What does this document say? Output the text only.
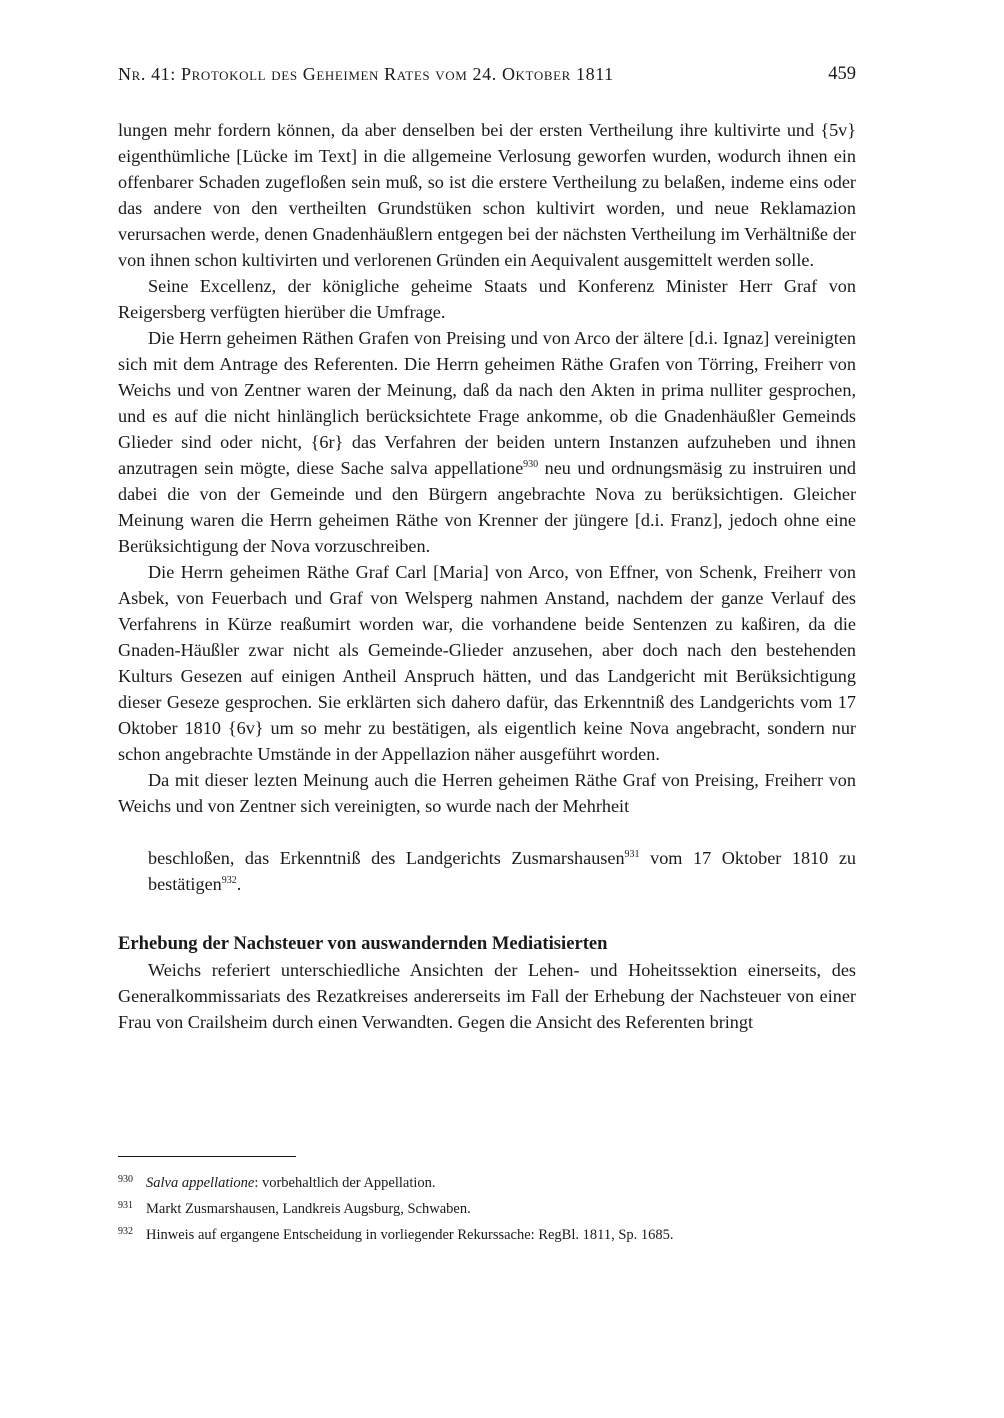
Nr. 41: Protokoll des Geheimen Rates vom 24. Oktober 1811	459

lungen mehr fordern können, da aber denselben bei der ersten Vertheilung ihre kultivirte und {5v} eigenthümliche [Lücke im Text] in die allgemeine Verlosung geworfen wurden, wodurch ihnen ein offenbarer Schaden zugefloßen sein muß, so ist die erstere Vertheilung zu belaßen, indeme eins oder das andere von den vertheilten Grundstüken schon kultivirt worden, und neue Reklamazion verursachen werde, denen Gnadenhäußlern entgegen bei der nächsten Vertheilung im Verhältniße der von ihnen schon kultivirten und verlorenen Gründen ein Aequivalent ausgemittelt werden solle.

Seine Excellenz, der königliche geheime Staats und Konferenz Minister Herr Graf von Reigersberg verfügten hierüber die Umfrage.

Die Herrn geheimen Räthen Grafen von Preising und von Arco der ältere [d.i. Ignaz] vereinigten sich mit dem Antrage des Referenten. Die Herrn geheimen Räthe Grafen von Törring, Freiherr von Weichs und von Zentner waren der Meinung, daß da nach den Akten in prima nulliter gesprochen, und es auf die nicht hinlänglich berücksichtete Frage ankomme, ob die Gnadenhäußler Gemeinds Glieder sind oder nicht, {6r} das Verfahren der beiden untern Instanzen aufzuheben und ihnen anzutragen sein mögte, diese Sache salva appellatione$^{930}$ neu und ordnungsmäsig zu instruiren und dabei die von der Gemeinde und den Bürgern angebrachte Nova zu berüksichtigen. Gleicher Meinung waren die Herrn geheimen Räthe von Krenner der jüngere [d.i. Franz], jedoch ohne eine Berüksichtigung der Nova vorzuschreiben.

Die Herrn geheimen Räthe Graf Carl [Maria] von Arco, von Effner, von Schenk, Freiherr von Asbek, von Feuerbach und Graf von Welsperg nahmen Anstand, nachdem der ganze Verlauf des Verfahrens in Kürze reaßumirt worden war, die vorhandene beide Sentenzen zu kaßiren, da die Gnaden-Häußler zwar nicht als Gemeinde-Glieder anzusehen, aber doch nach den bestehenden Kulturs Gesezen auf einigen Antheil Anspruch hätten, und das Landgericht mit Berüksichtigung dieser Geseze gesprochen. Sie erklärten sich dahero dafür, das Erkenntniß des Landgerichts vom 17 Oktober 1810 {6v} um so mehr zu bestätigen, als eigentlich keine Nova angebracht, sondern nur schon angebrachte Umstände in der Appellazion näher ausgeführt worden.

Da mit dieser lezten Meinung auch die Herren geheimen Räthe Graf von Preising, Freiherr von Weichs und von Zentner sich vereinigten, so wurde nach der Mehrheit

beschloßen, das Erkenntniß des Landgerichts Zusmarshausen$^{931}$ vom 17 Oktober 1810 zu bestätigen$^{932}$.
Erhebung der Nachsteuer von auswandernden Mediatisierten

Weichs referiert unterschiedliche Ansichten der Lehen- und Hoheitssektion einerseits, des Generalkommissariats des Rezatkreises andererseits im Fall der Erhebung der Nachsteuer von einer Frau von Crailsheim durch einen Verwandten. Gegen die Ansicht des Referenten bringt

930 Salva appellatione: vorbehaltlich der Appellation.
931 Markt Zusmarshausen, Landkreis Augsburg, Schwaben.
932 Hinweis auf ergangene Entscheidung in vorliegender Rekurssache: RegBl. 1811, Sp. 1685.
